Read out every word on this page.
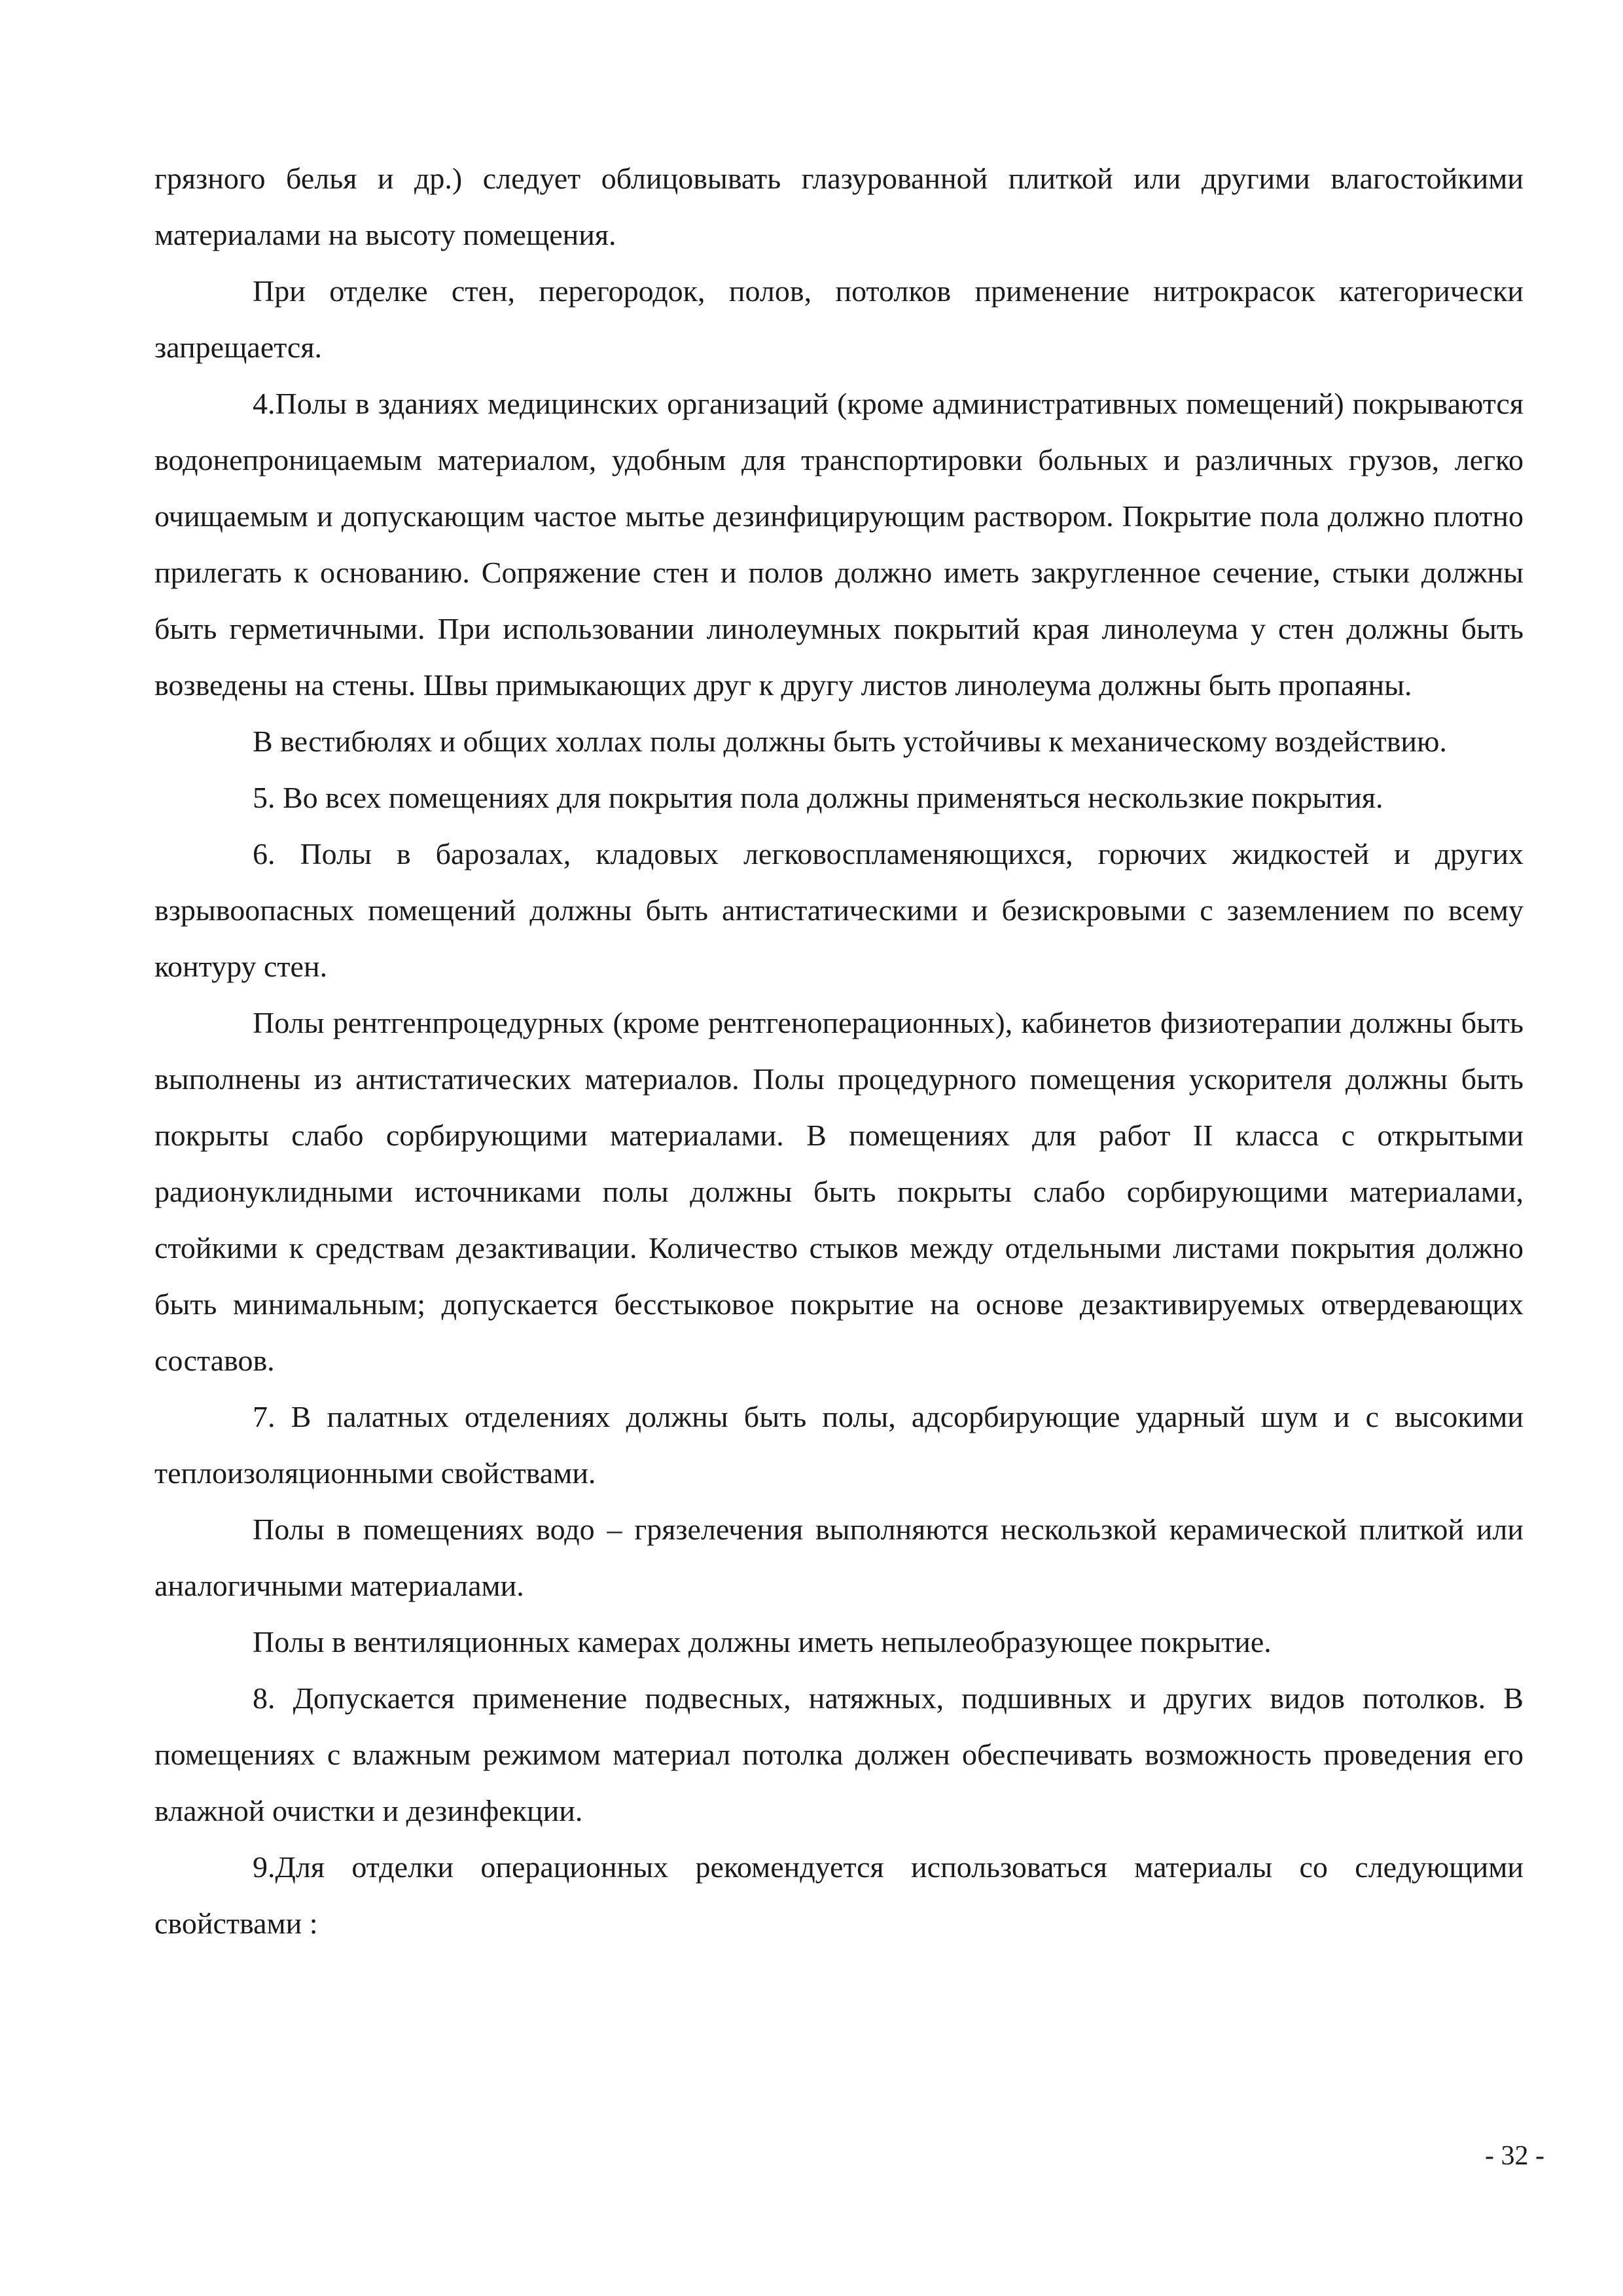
грязного белья и др.) следует облицовывать глазурованной плиткой или другими влагостойкими материалами на высоту помещения.

При отделке стен, перегородок, полов, потолков применение нитрокрасок категорически запрещается.

4.Полы в зданиях медицинских организаций (кроме административных помещений) покрываются водонепроницаемым материалом, удобным для транспортировки больных и различных грузов, легко очищаемым и допускающим частое мытье дезинфицирующим раствором. Покрытие пола должно плотно прилегать к основанию. Сопряжение стен и полов должно иметь закругленное сечение, стыки должны быть герметичными. При использовании линолеумных покрытий края линолеума у стен должны быть возведены на стены. Швы примыкающих друг к другу листов линолеума должны быть пропаяны.

В вестибюлях и общих холлах полы должны быть устойчивы к механическому воздействию.

5. Во всех помещениях для покрытия пола должны применяться нескользкие покрытия.

6. Полы в барозалах, кладовых легковоспламеняющихся, горючих жидкостей и других взрывоопасных помещений должны быть антистатическими и безискровыми с заземлением по всему контуру стен.

Полы рентгенпроцедурных (кроме рентгеноперационных), кабинетов физиотерапии должны быть выполнены из антистатических материалов. Полы процедурного помещения ускорителя должны быть покрыты слабо сорбирующими материалами. В помещениях для работ II класса с открытыми радионуклидными источниками полы должны быть покрыты слабо сорбирующими материалами, стойкими к средствам дезактивации. Количество стыков между отдельными листами покрытия должно быть минимальным; допускается бесстыковое покрытие на основе дезактивируемых отвердевающих составов.

7. В палатных отделениях должны быть полы, адсорбирующие ударный шум и с высокими теплоизоляционными свойствами.

Полы в помещениях водо – грязелечения выполняются нескользкой керамической плиткой или аналогичными материалами.

Полы в вентиляционных камерах должны иметь непылеобразующее покрытие.

8. Допускается применение подвесных, натяжных, подшивных и других видов потолков. В помещениях с влажным режимом материал потолка должен обеспечивать возможность проведения его влажной очистки и дезинфекции.

9.Для отделки операционных рекомендуется использоваться материалы со следующими свойствами :

- 32 -
